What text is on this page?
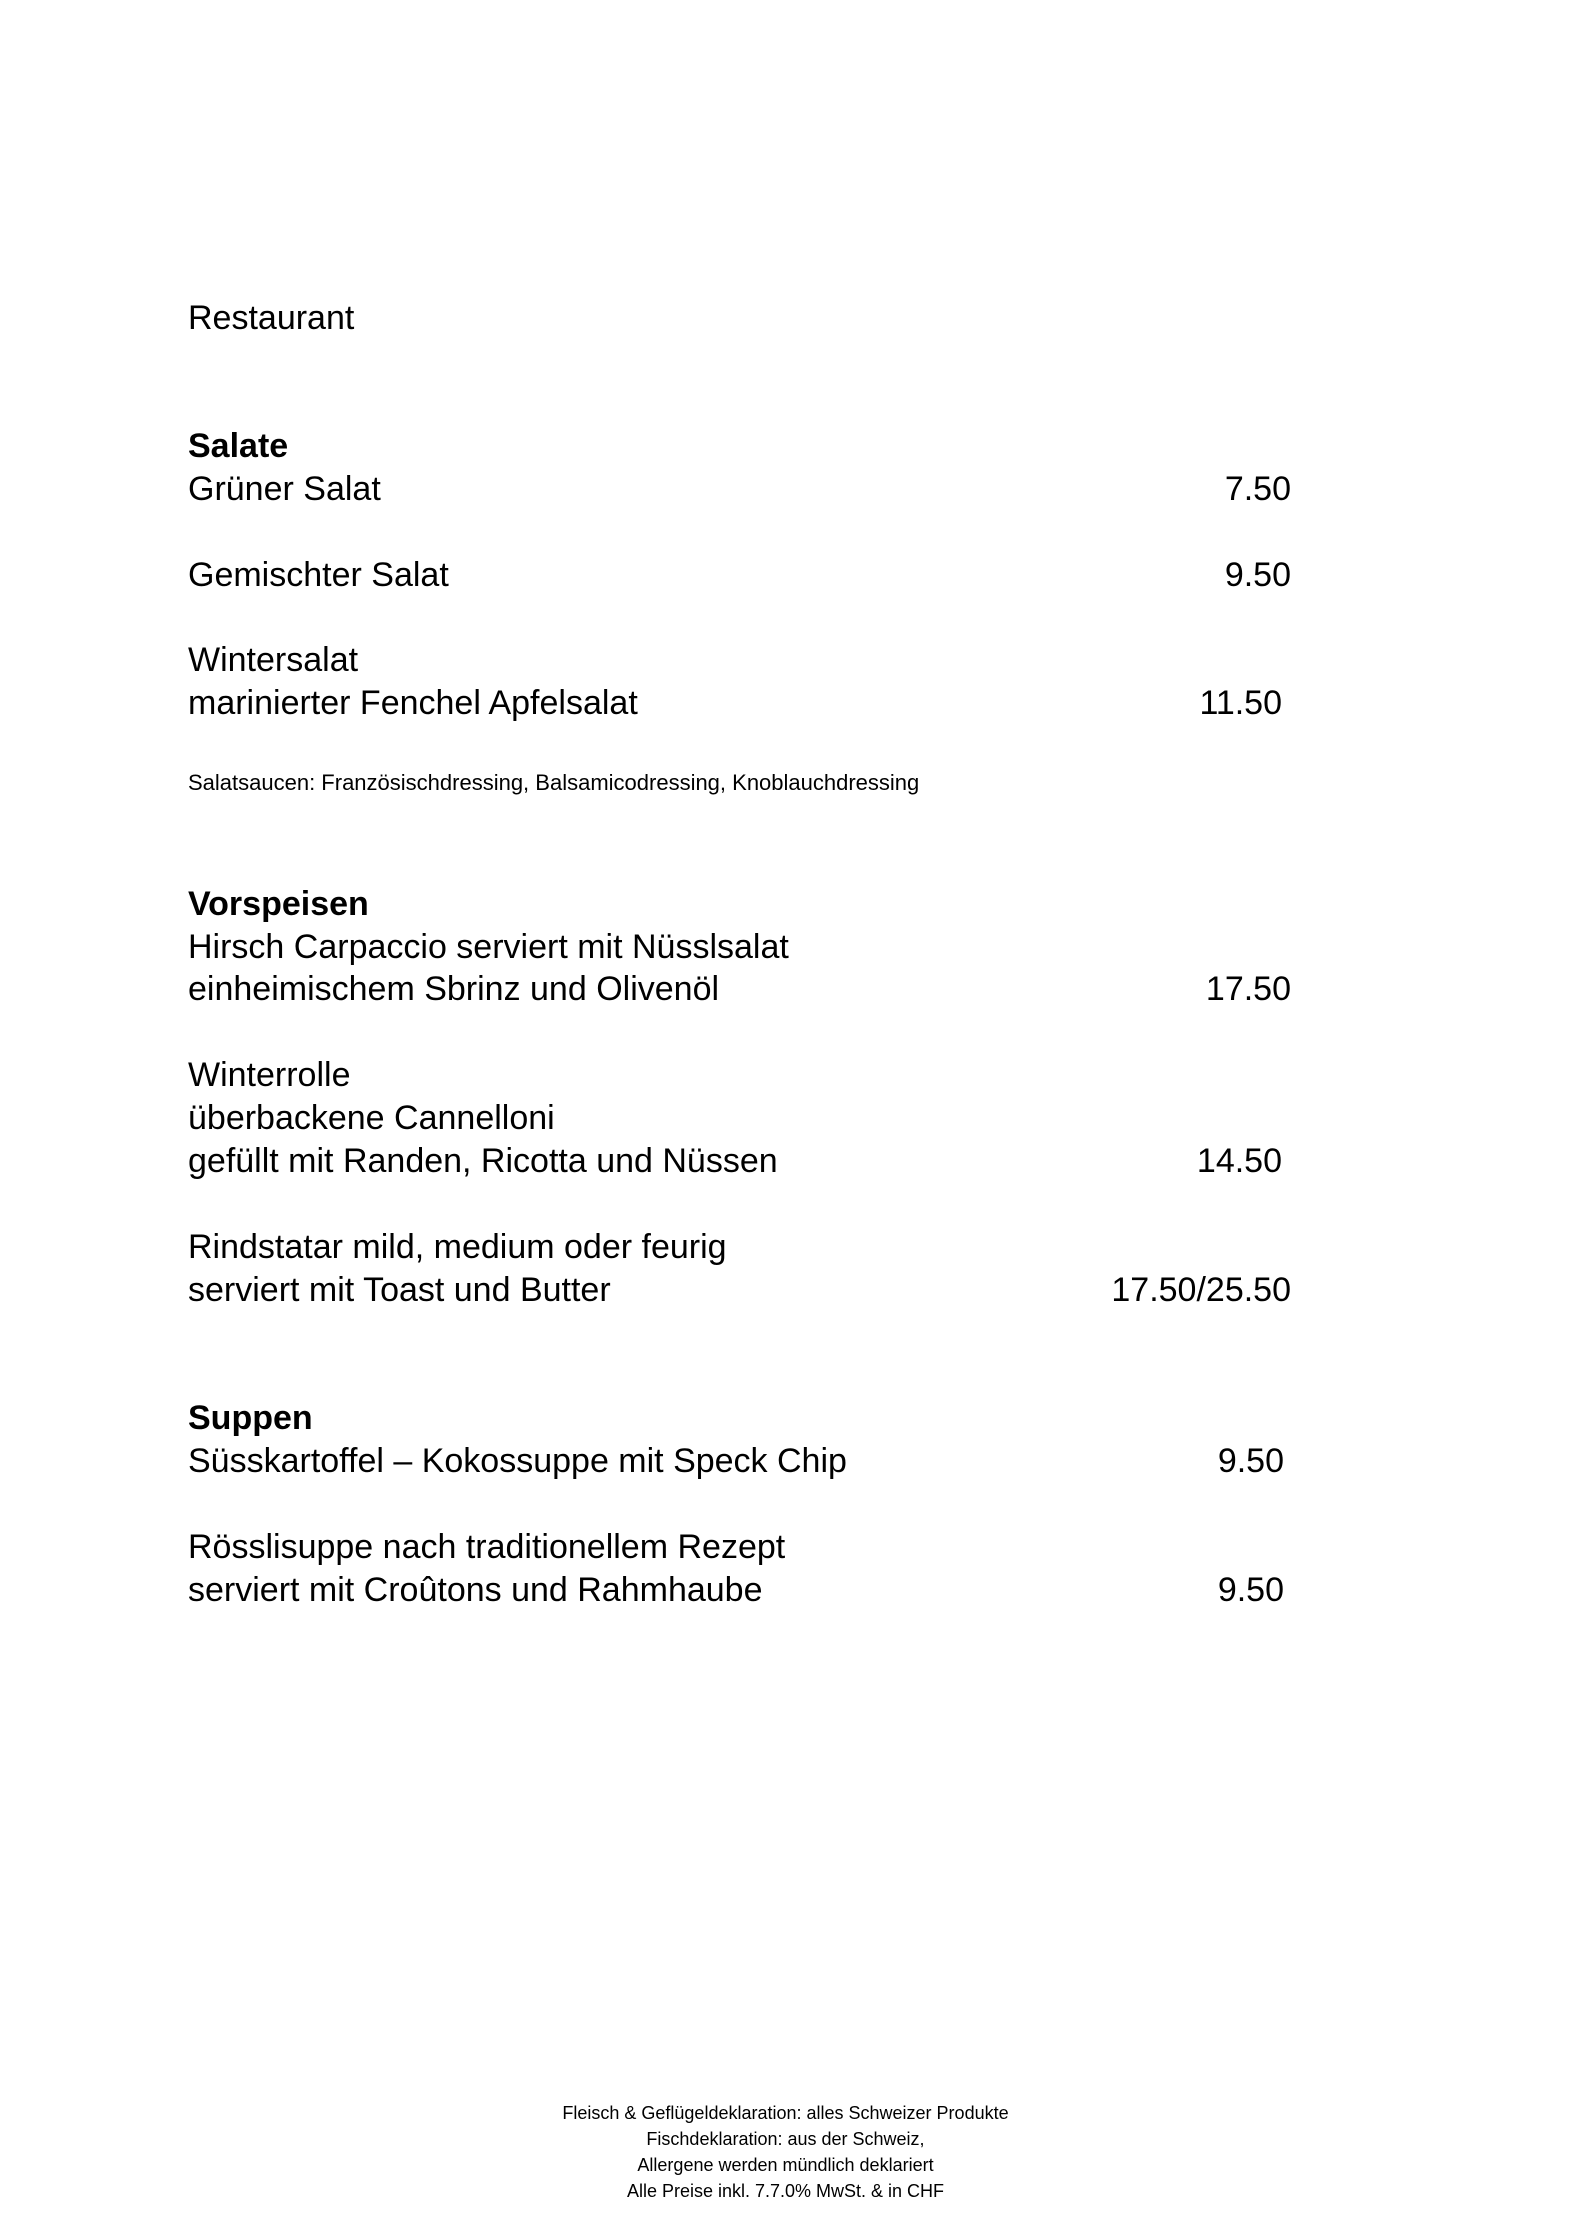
Restaurant
Salate
Grüner Salat	7.50
Gemischter Salat	9.50
Wintersalat
marinierter Fenchel Apfelsalat	11.50
Salatsaucen: Französischdressing, Balsamicodressing, Knoblauchdressing
Vorspeisen
Hirsch Carpaccio serviert mit Nüsslsalat
einheimischem Sbrinz und Olivenöl	17.50
Winterrolle
überbackene Cannelloni
gefüllt mit Randen, Ricotta und Nüssen	14.50
Rindstatar mild, medium oder feurig
serviert mit Toast und Butter	17.50/25.50
Suppen
Süsskartoffel – Kokossuppe mit Speck Chip	9.50
Rösslisuppe nach traditionellem Rezept
serviert mit Croûtons und Rahmhaube	9.50
Fleisch & Geflügeldeklaration: alles Schweizer Produkte
Fischdeklaration: aus der Schweiz,
Allergene werden mündlich deklariert
Alle Preise inkl. 7.7.0% MwSt. & in CHF
